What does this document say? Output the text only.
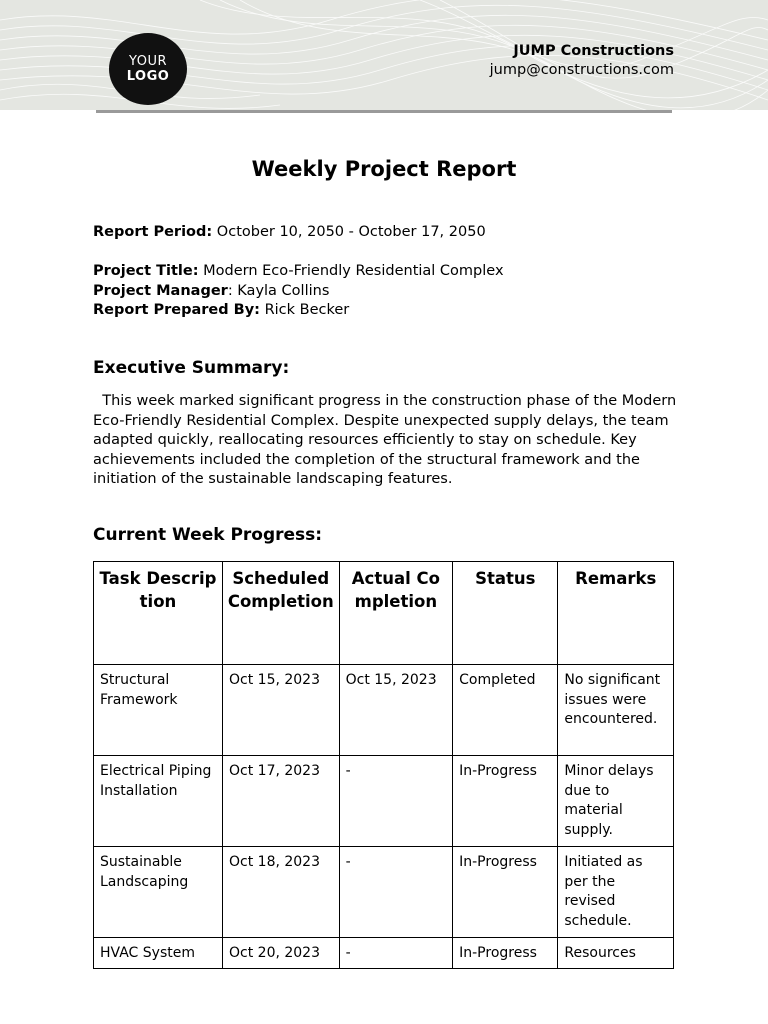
YOUR
LOGO
JUMP Constructions
jump@constructions.com
Weekly Project Report
Report Period: October 10, 2050 - October 17, 2050
Project Title: Modern Eco-Friendly Residential Complex
Project Manager: Kayla Collins
Report Prepared By: Rick Becker
Executive Summary:

This week marked significant progress in the construction phase of the Modern Eco-Friendly Residential Complex. Despite unexpected supply delays, the team adapted quickly, reallocating resources efficiently to stay on schedule. Key achievements included the completion of the structural framework and the initiation of the sustainable landscaping features.

Current Week Progress:
Task Description	Scheduled Completion	Actual Completion	Status	Remarks
Structural Framework	Oct 15, 2023	Oct 15, 2023	Completed	No significant issues were encountered.
Electrical Piping Installation	Oct 17, 2023	-	In-Progress	Minor delays due to material supply.
Sustainable Landscaping	Oct 18, 2023	-	In-Progress	Initiated as per the revised schedule.
HVAC System	Oct 20, 2023	-	In-Progress	Resources
